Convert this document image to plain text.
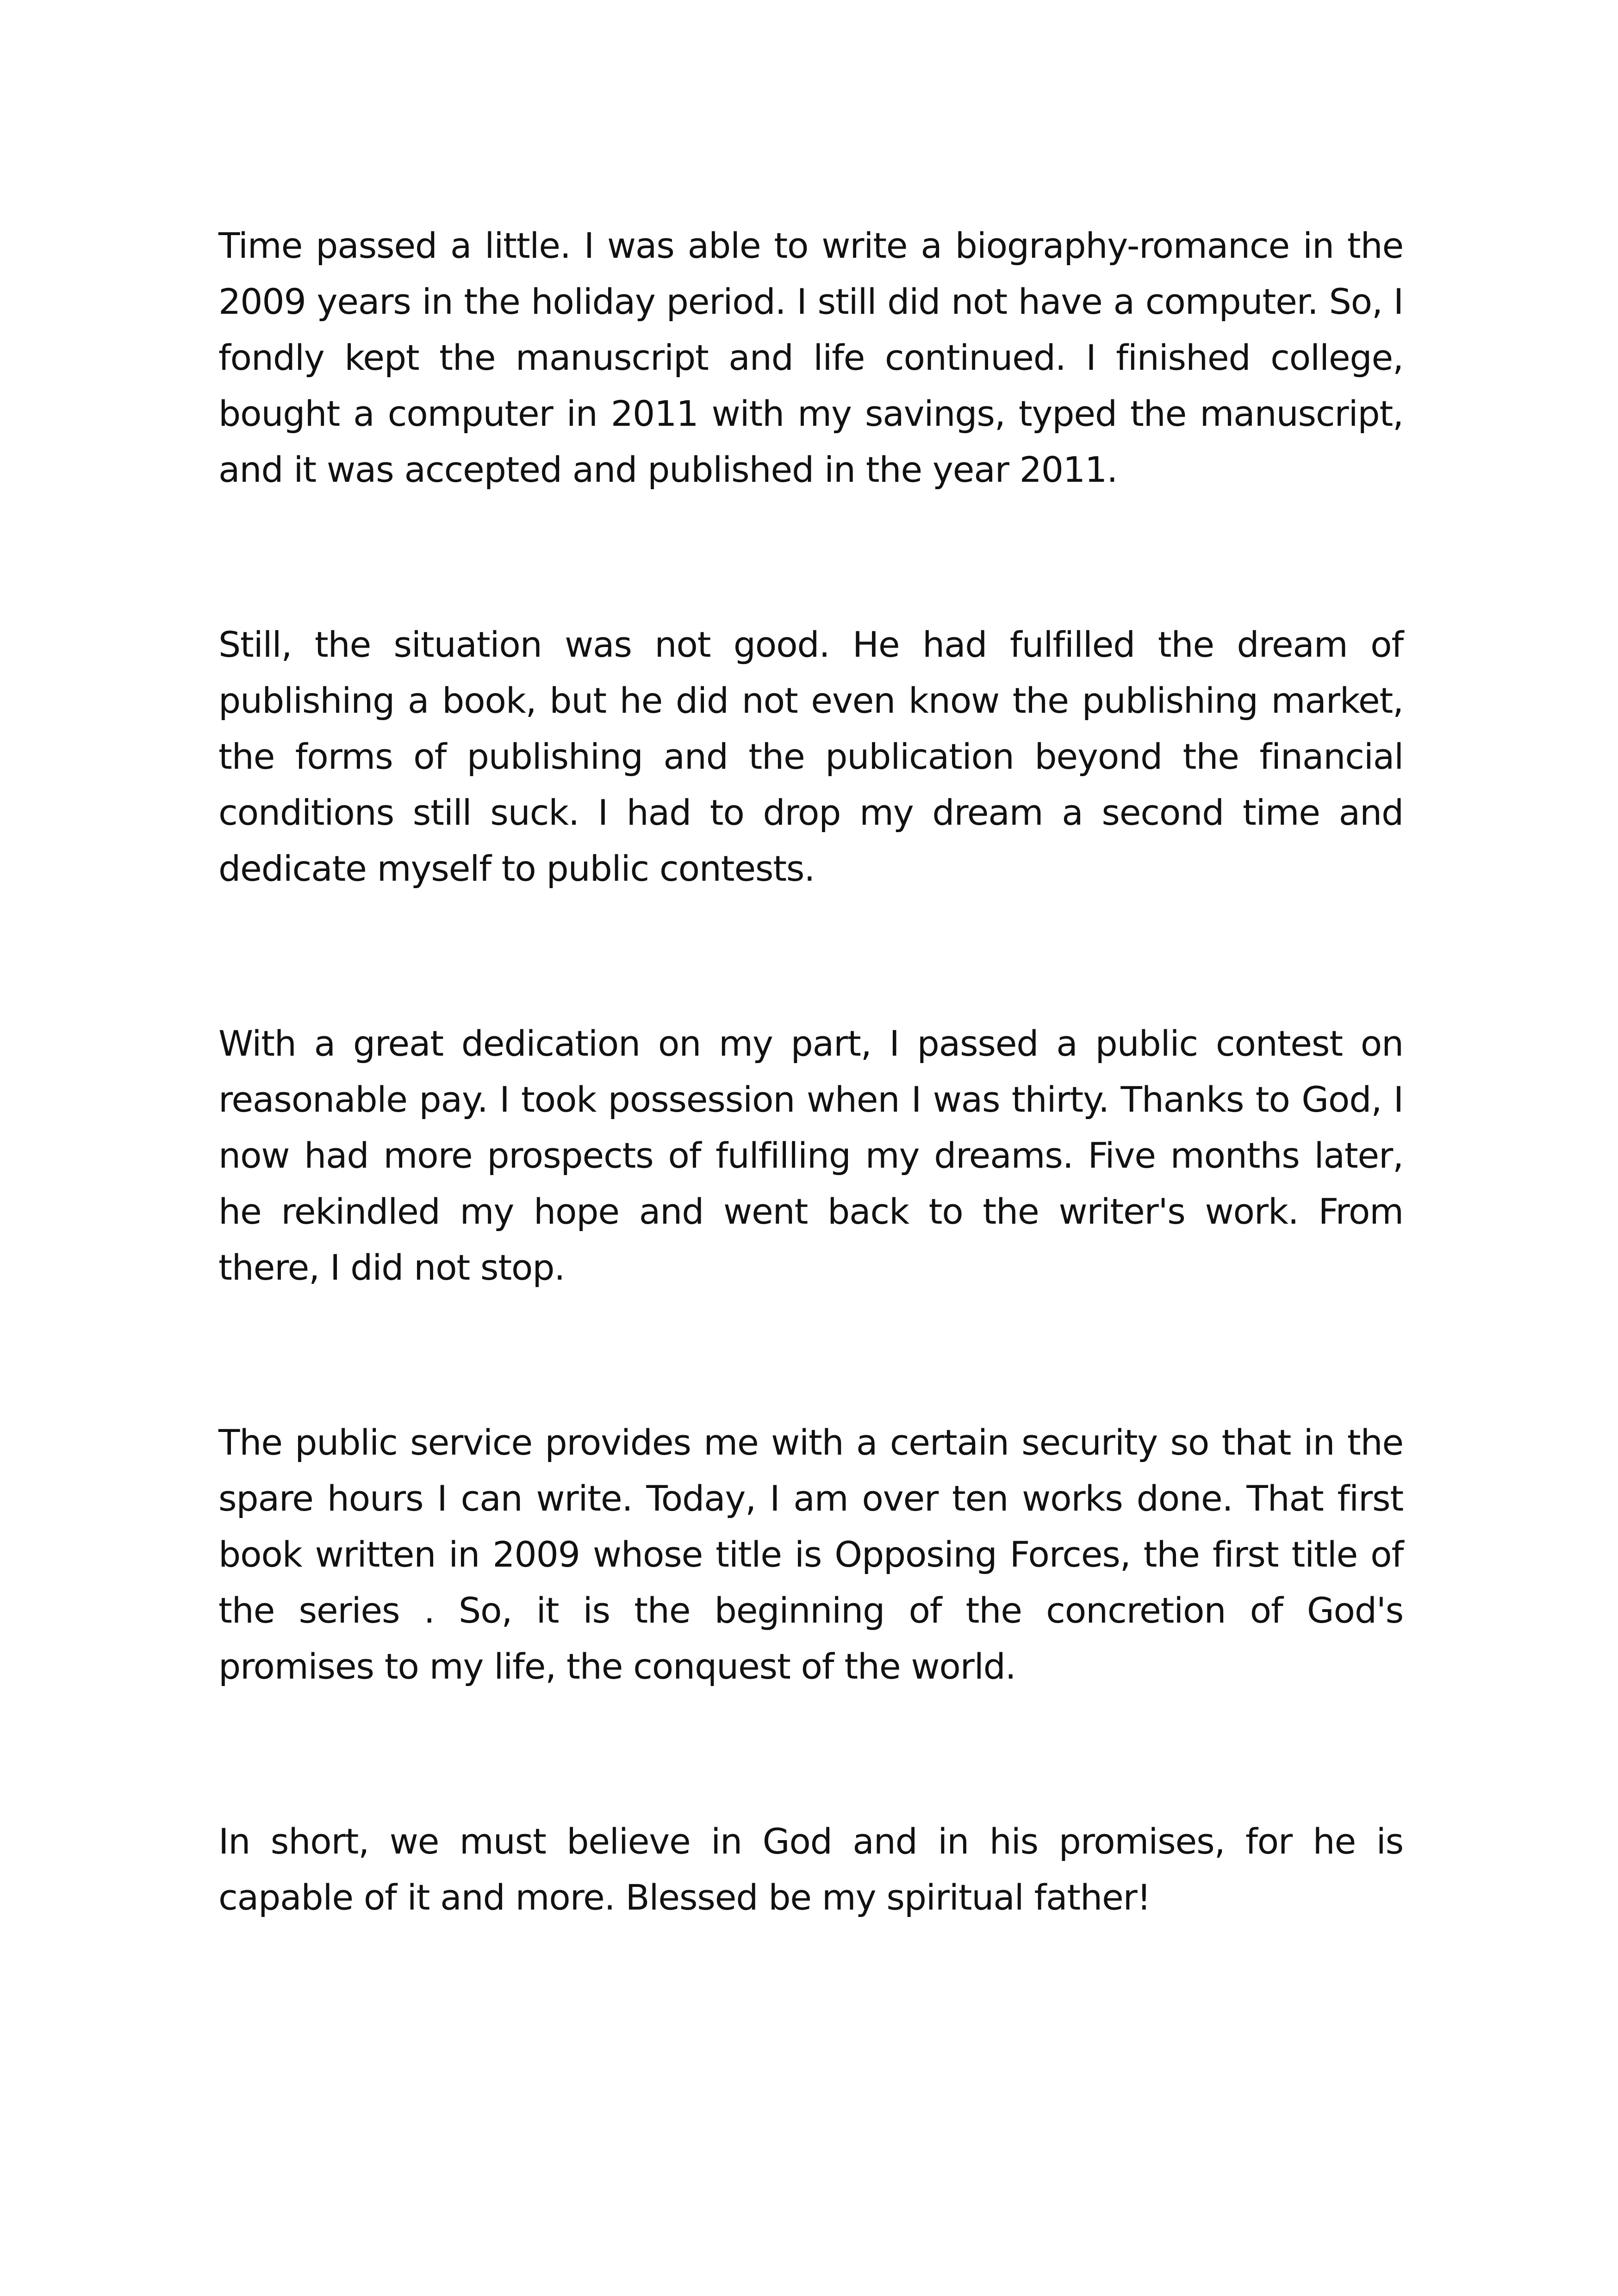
Time passed a little. I was able to write a biography-romance in the 2009 years in the holiday period. I still did not have a computer. So, I fondly kept the manuscript and life continued. I finished college, bought a computer in 2011 with my savings, typed the manuscript, and it was accepted and published in the year 2011.

Still, the situation was not good. He had fulfilled the dream of publishing a book, but he did not even know the publishing market, the forms of publishing and the publication beyond the financial conditions still suck. I had to drop my dream a second time and dedicate myself to public contests.

With a great dedication on my part, I passed a public contest on reasonable pay. I took possession when I was thirty. Thanks to God, I now had more prospects of fulfilling my dreams. Five months later, he rekindled my hope and went back to the writer's work. From there, I did not stop.

The public service provides me with a certain security so that in the spare hours I can write. Today, I am over ten works done. That first book written in 2009 whose title is Opposing Forces, the first title of the series . So, it is the beginning of the concretion of God's promises to my life, the conquest of the world.

In short, we must believe in God and in his promises, for he is capable of it and more. Blessed be my spiritual father!
